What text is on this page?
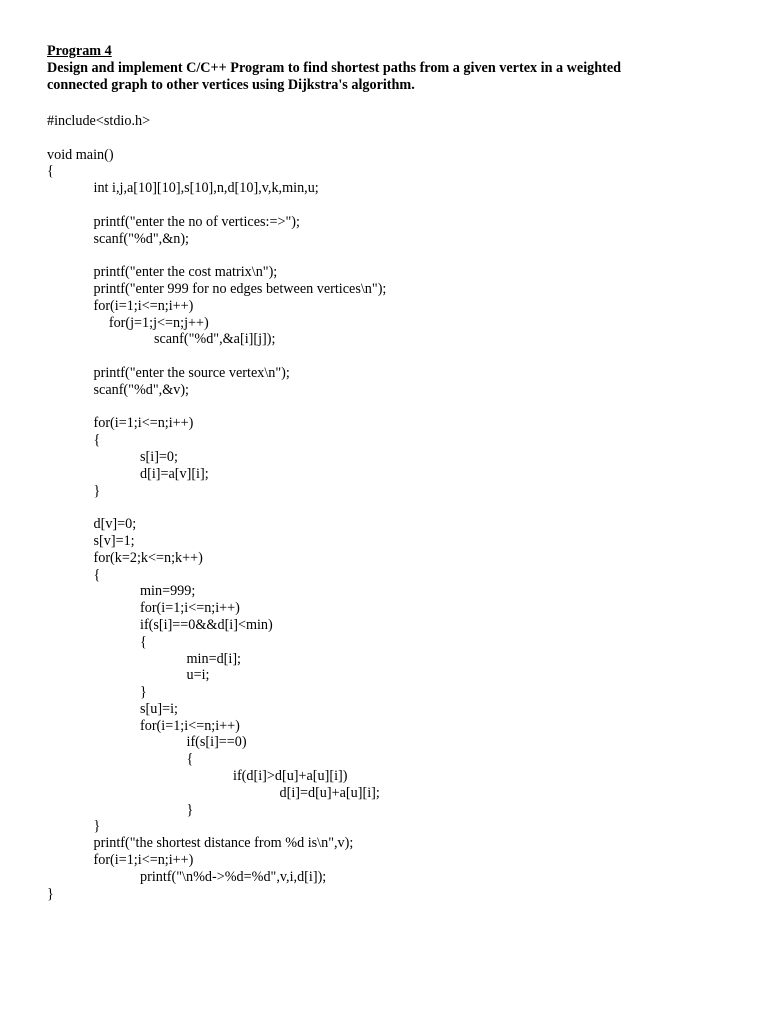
Program 4
Design and implement C/C++ Program to find shortest paths from a given vertex in a weighted
connected graph to other vertices using Dijkstra's algorithm.
#include<stdio.h>
void main()
{
int i,j,a[10][10],s[10],n,d[10],v,k,min,u;
printf("enter the no of vertices:=>");
scanf("%d",&n);
printf("enter the cost matrix\n");
printf("enter 999 for no edges between vertices\n");
for(i=1;i<=n;i++)
for(j=1;j<=n;j++)
scanf("%d",&a[i][j]);
printf("enter the source vertex\n");
scanf("%d",&v);
for(i=1;i<=n;i++)
{
s[i]=0;
d[i]=a[v][i];
}
d[v]=0;
s[v]=1;
for(k=2;k<=n;k++)
{
min=999;
for(i=1;i<=n;i++)
if(s[i]==0&&d[i]<min)
{
min=d[i];
u=i;
}
s[u]=i;
for(i=1;i<=n;i++)
if(s[i]==0)
{
if(d[i]>d[u]+a[u][i])
d[i]=d[u]+a[u][i];
}
}
printf("the shortest distance from %d is\n",v);
for(i=1;i<=n;i++)
printf("\n%d->%d=%d",v,i,d[i]);
}
